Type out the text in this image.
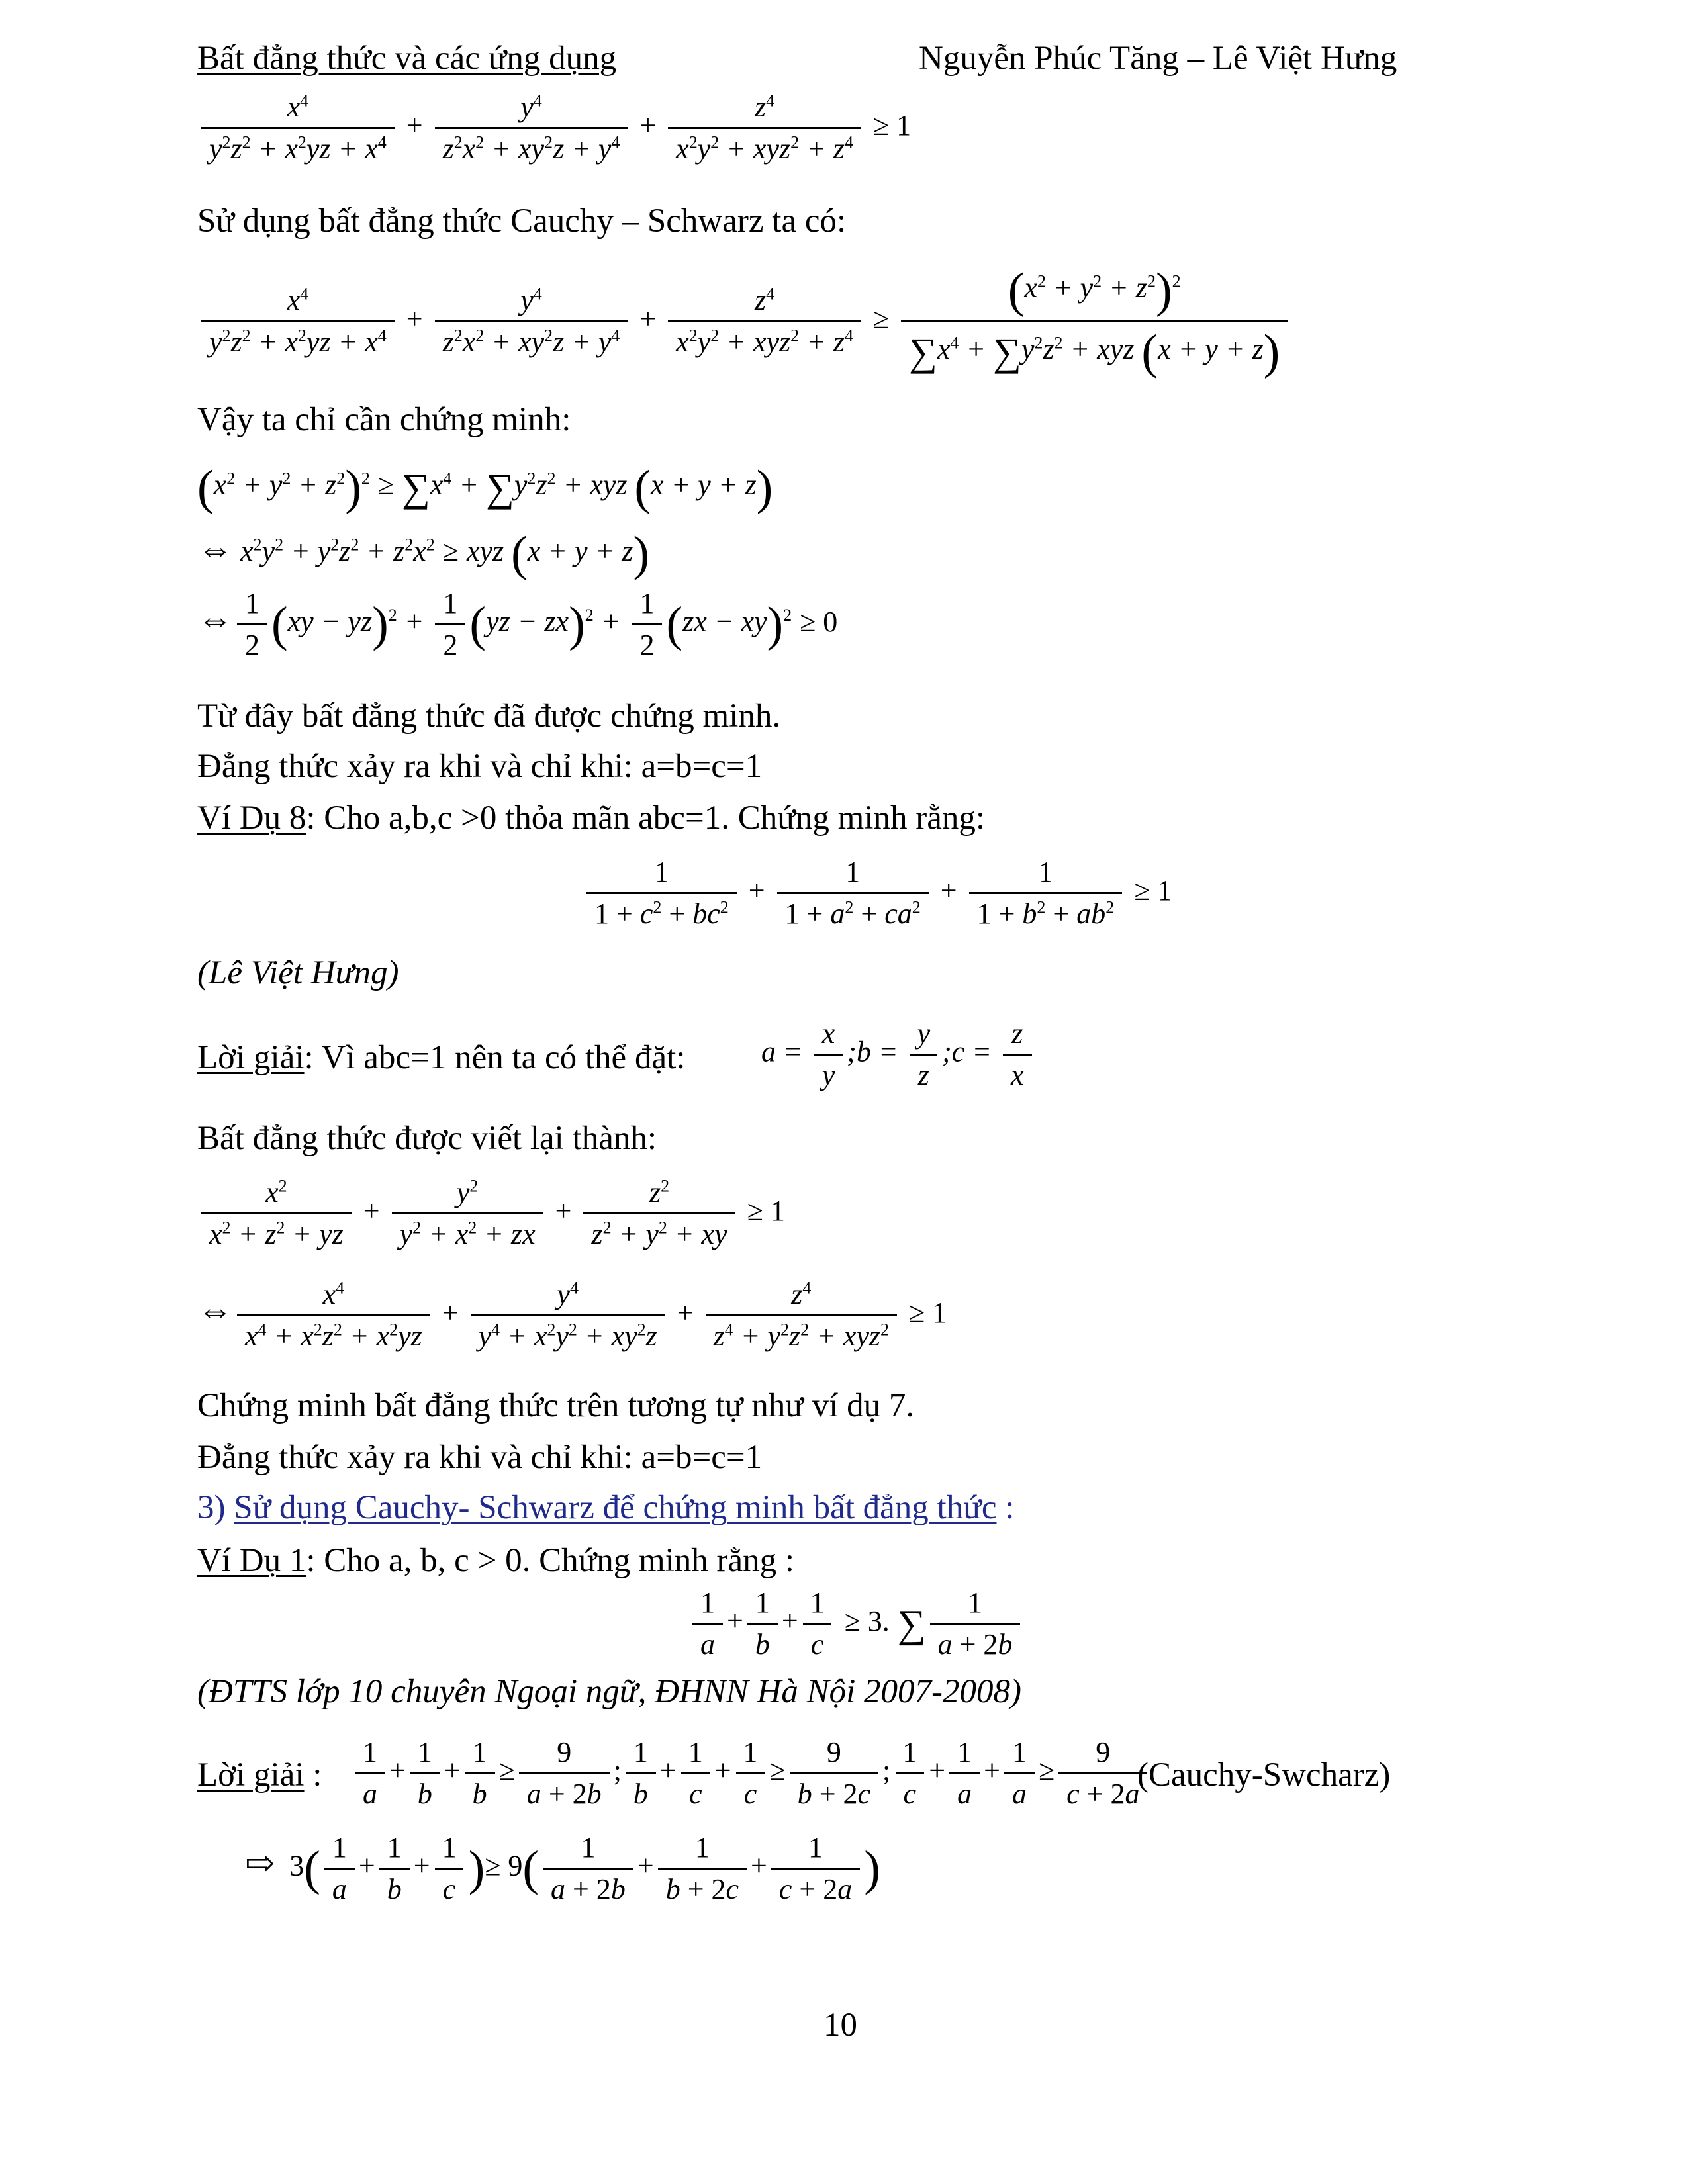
Bất đẳng thức và các ứng dụng	Nguyễn Phúc Tăng – Lê Việt Hưng
$\frac{x^4}{y^2z^2 + x^2yz + x^4} + \frac{y^4}{z^2x^2 + xy^2z + y^4}$ +
$z^4$
$x^2y^2 + xyz^2 + z^4$
≥ 1
Sử dụng bất đẳng thức Cauchy – Schwarz ta có:
$\frac{x^4}{y^2z^2 + x^2yz + x^4} + \frac{y^4}{z^2x^2 + xy^2z + y^4}$ +
$z^4$
$x^2y^2 + xyz^2 + z^4$
≥
$(x^2 + y^2 + z^2)^2$
$\sum x^4 + \sum y^2z^2$ + xyz (x + y + z)
Vậy ta chỉ cần chứng minh:
$(x^2 + y^2 + z^2)^2 \ge \sum x^4 + \sum y^2z^2$ + xyz (x + y + z)
⇔ $x^2y^2 + y^2z^2 + z^2x^2$ ≥ xyz (x + y + z)
⇔ $\frac{1}{2} (xy - yz)^2 + \frac{1}{2} (yz - zx)^2 + \frac{1}{2} (zx - xy)^2 \ge 0$
Từ đây bất đẳng thức đã được chứng minh.
Đẳng thức xảy ra khi và chỉ khi: a=b=c=1
Ví Dụ 8: Cho a,b,c >0 thỏa mãn abc=1. Chứng minh rằng:
$\frac{1}{1 + c^2 + bc^2} + \frac{1}{1 + a^2 + ca^2} + \frac{1}{1 + b^2 + ab^2} \ge 1$
(Lê Việt Hưng)
Lời giải: Vì abc=1 nên ta có thể đặt:	$a = \frac{x}{y}$ ;b = $\frac{y}{z}$ ;c = $\frac{z}{x}$
Bất đẳng thức được viết lại thành:
$\frac{x^2}{x^2 + z^2 + yz} + \frac{y^2}{y^2 + x^2 + zx} + \frac{z^2}{z^2 + y^2 + xy} \ge 1$
⇔ $\frac{x^4}{x^4 + x^2z^2 + x^2yz} + \frac{y^4}{y^4 + x^2y^2 + xy^2z}$ +
$z^4$
$z^4 + y^2z^2 + xyz^2$
≥ 1
Chứng minh bất đẳng thức trên tương tự như ví dụ 7.
Đẳng thức xảy ra khi và chỉ khi: a=b=c=1
3) Sử dụng Cauchy- Schwarz để chứng minh bất đẳng thức :
Ví Dụ 1: Cho a, b, c > 0. Chứng minh rằng :
$\frac{1}{a} + \frac{1}{b} + \frac{1}{c} \ge 3$. ∑ $\frac{1}{a + 2b}$
(ĐTTS lớp 10 chuyên Ngoại ngữ, ĐHNN Hà Nội 2007-2008)
Lời giải : $\frac{1}{a} + \frac{1}{b} + \frac{1}{b} \ge \frac{9}{a + 2b}$ ; $\frac{1}{b} + \frac{1}{c} + \frac{1}{c} \ge \frac{9}{b + 2c}$ ; $\frac{1}{c} + \frac{1}{a} + \frac{1}{a} \ge \frac{9}{c + 2a}$
(Cauchy-Swcharz)
⇨  $3( \frac{1}{a} + \frac{1}{b} + \frac{1}{c}$ )≥ $9( \frac{1}{a + 2b} + \frac{1}{b + 2c} + \frac{1}{c + 2a}$ )
10
